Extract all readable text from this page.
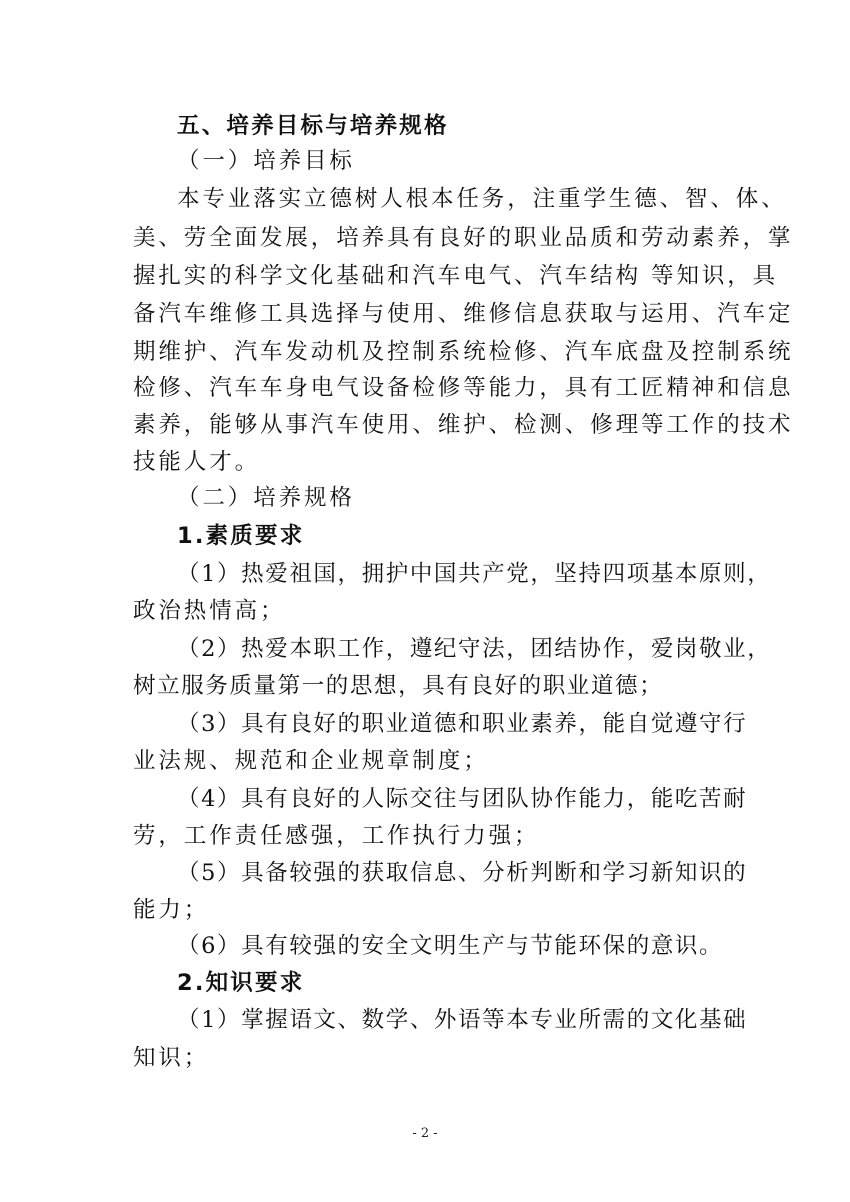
五、培养目标与培养规格
（一）培养目标
本专业落实立德树人根本任务，注重学生德、智、体、
美、劳全面发展，培养具有良好的职业品质和劳动素养，掌
握扎实的科学文化基础和汽车电气、汽车结构 等知识，具
备汽车维修工具选择与使用、维修信息获取与运用、汽车定
期维护、汽车发动机及控制系统检修、汽车底盘及控制系统
检修、汽车车身电气设备检修等能力，具有工匠精神和信息
素养，能够从事汽车使用、维护、检测、修理等工作的技术
技能人才。
（二）培养规格
1.素质要求
（1）热爱祖国，拥护中国共产党，坚持四项基本原则，
政治热情高；
（2）热爱本职工作，遵纪守法，团结协作，爱岗敬业，
树立服务质量第一的思想，具有良好的职业道德；
（3）具有良好的职业道德和职业素养，能自觉遵守行
业法规、规范和企业规章制度；
（4）具有良好的人际交往与团队协作能力，能吃苦耐
劳，工作责任感强，工作执行力强；
（5）具备较强的获取信息、分析判断和学习新知识的
能力；
（6）具有较强的安全文明生产与节能环保的意识。
2.知识要求
（1）掌握语文、数学、外语等本专业所需的文化基础
知识；
- 2 -
